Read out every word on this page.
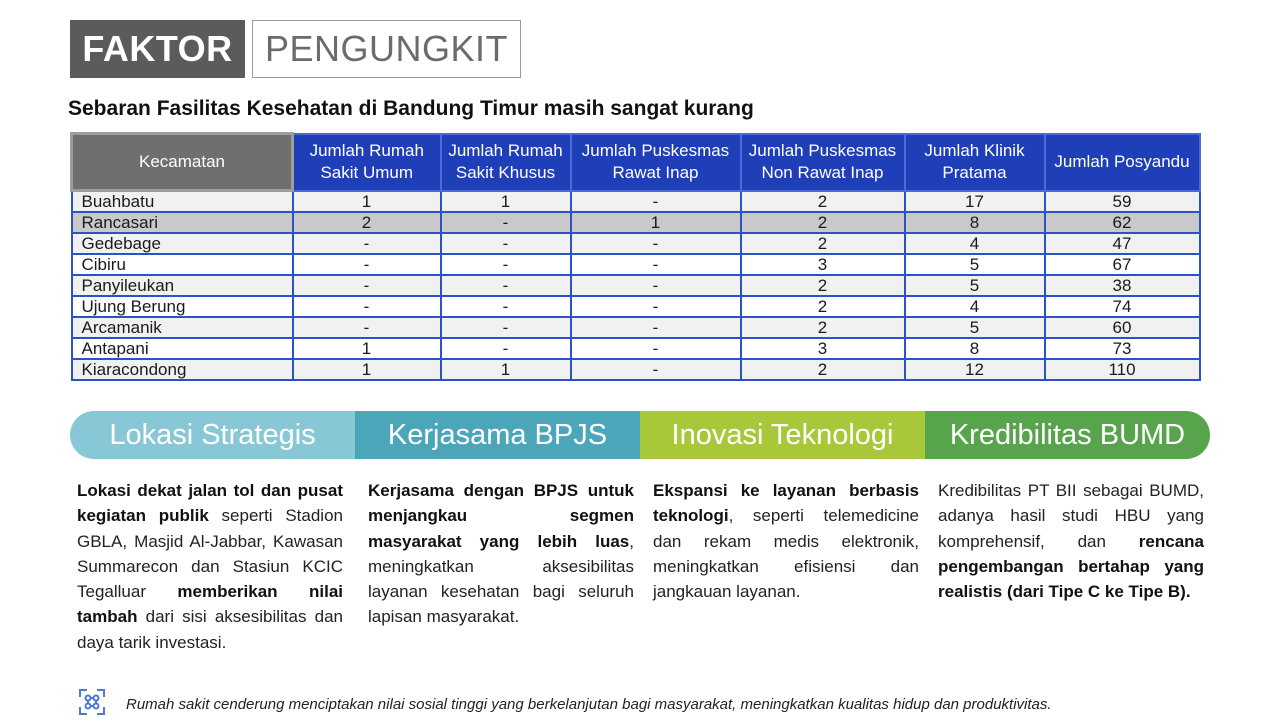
FAKTOR PENGUNGKIT
Sebaran Fasilitas Kesehatan di Bandung Timur masih sangat kurang
Kecamatan	Jumlah Rumah Sakit Umum	Jumlah Rumah Sakit Khusus	Jumlah Puskesmas Rawat Inap	Jumlah Puskesmas Non Rawat Inap	Jumlah Klinik Pratama	Jumlah Posyandu
Buahbatu	1	1	-	2	17	59
Rancasari	2	-	1	2	8	62
Gedebage	-	-	-	2	4	47
Cibiru	-	-	-	3	5	67
Panyileukan	-	-	-	2	5	38
Ujung Berung	-	-	-	2	4	74
Arcamanik	-	-	-	2	5	60
Antapani	1	-	-	3	8	73
Kiaracondong	1	1	-	2	12	110
Lokasi Strategis	Kerjasama BPJS	Inovasi Teknologi	Kredibilitas BUMD
Lokasi dekat jalan tol dan pusat kegiatan publik seperti Stadion GBLA, Masjid Al-Jabbar, Kawasan Summarecon dan Stasiun KCIC Tegalluar memberikan nilai tambah dari sisi aksesibilitas dan daya tarik investasi.
Kerjasama dengan BPJS untuk menjangkau segmen masyarakat yang lebih luas, meningkatkan aksesibilitas layanan kesehatan bagi seluruh lapisan masyarakat.
Ekspansi ke layanan berbasis teknologi, seperti telemedicine dan rekam medis elektronik, meningkatkan efisiensi dan jangkauan layanan.
Kredibilitas PT BII sebagai BUMD, adanya hasil studi HBU yang komprehensif, dan rencana pengembangan bertahap yang realistis (dari Tipe C ke Tipe B).
Rumah sakit cenderung menciptakan nilai sosial tinggi yang berkelanjutan bagi masyarakat, meningkatkan kualitas hidup dan produktivitas.
